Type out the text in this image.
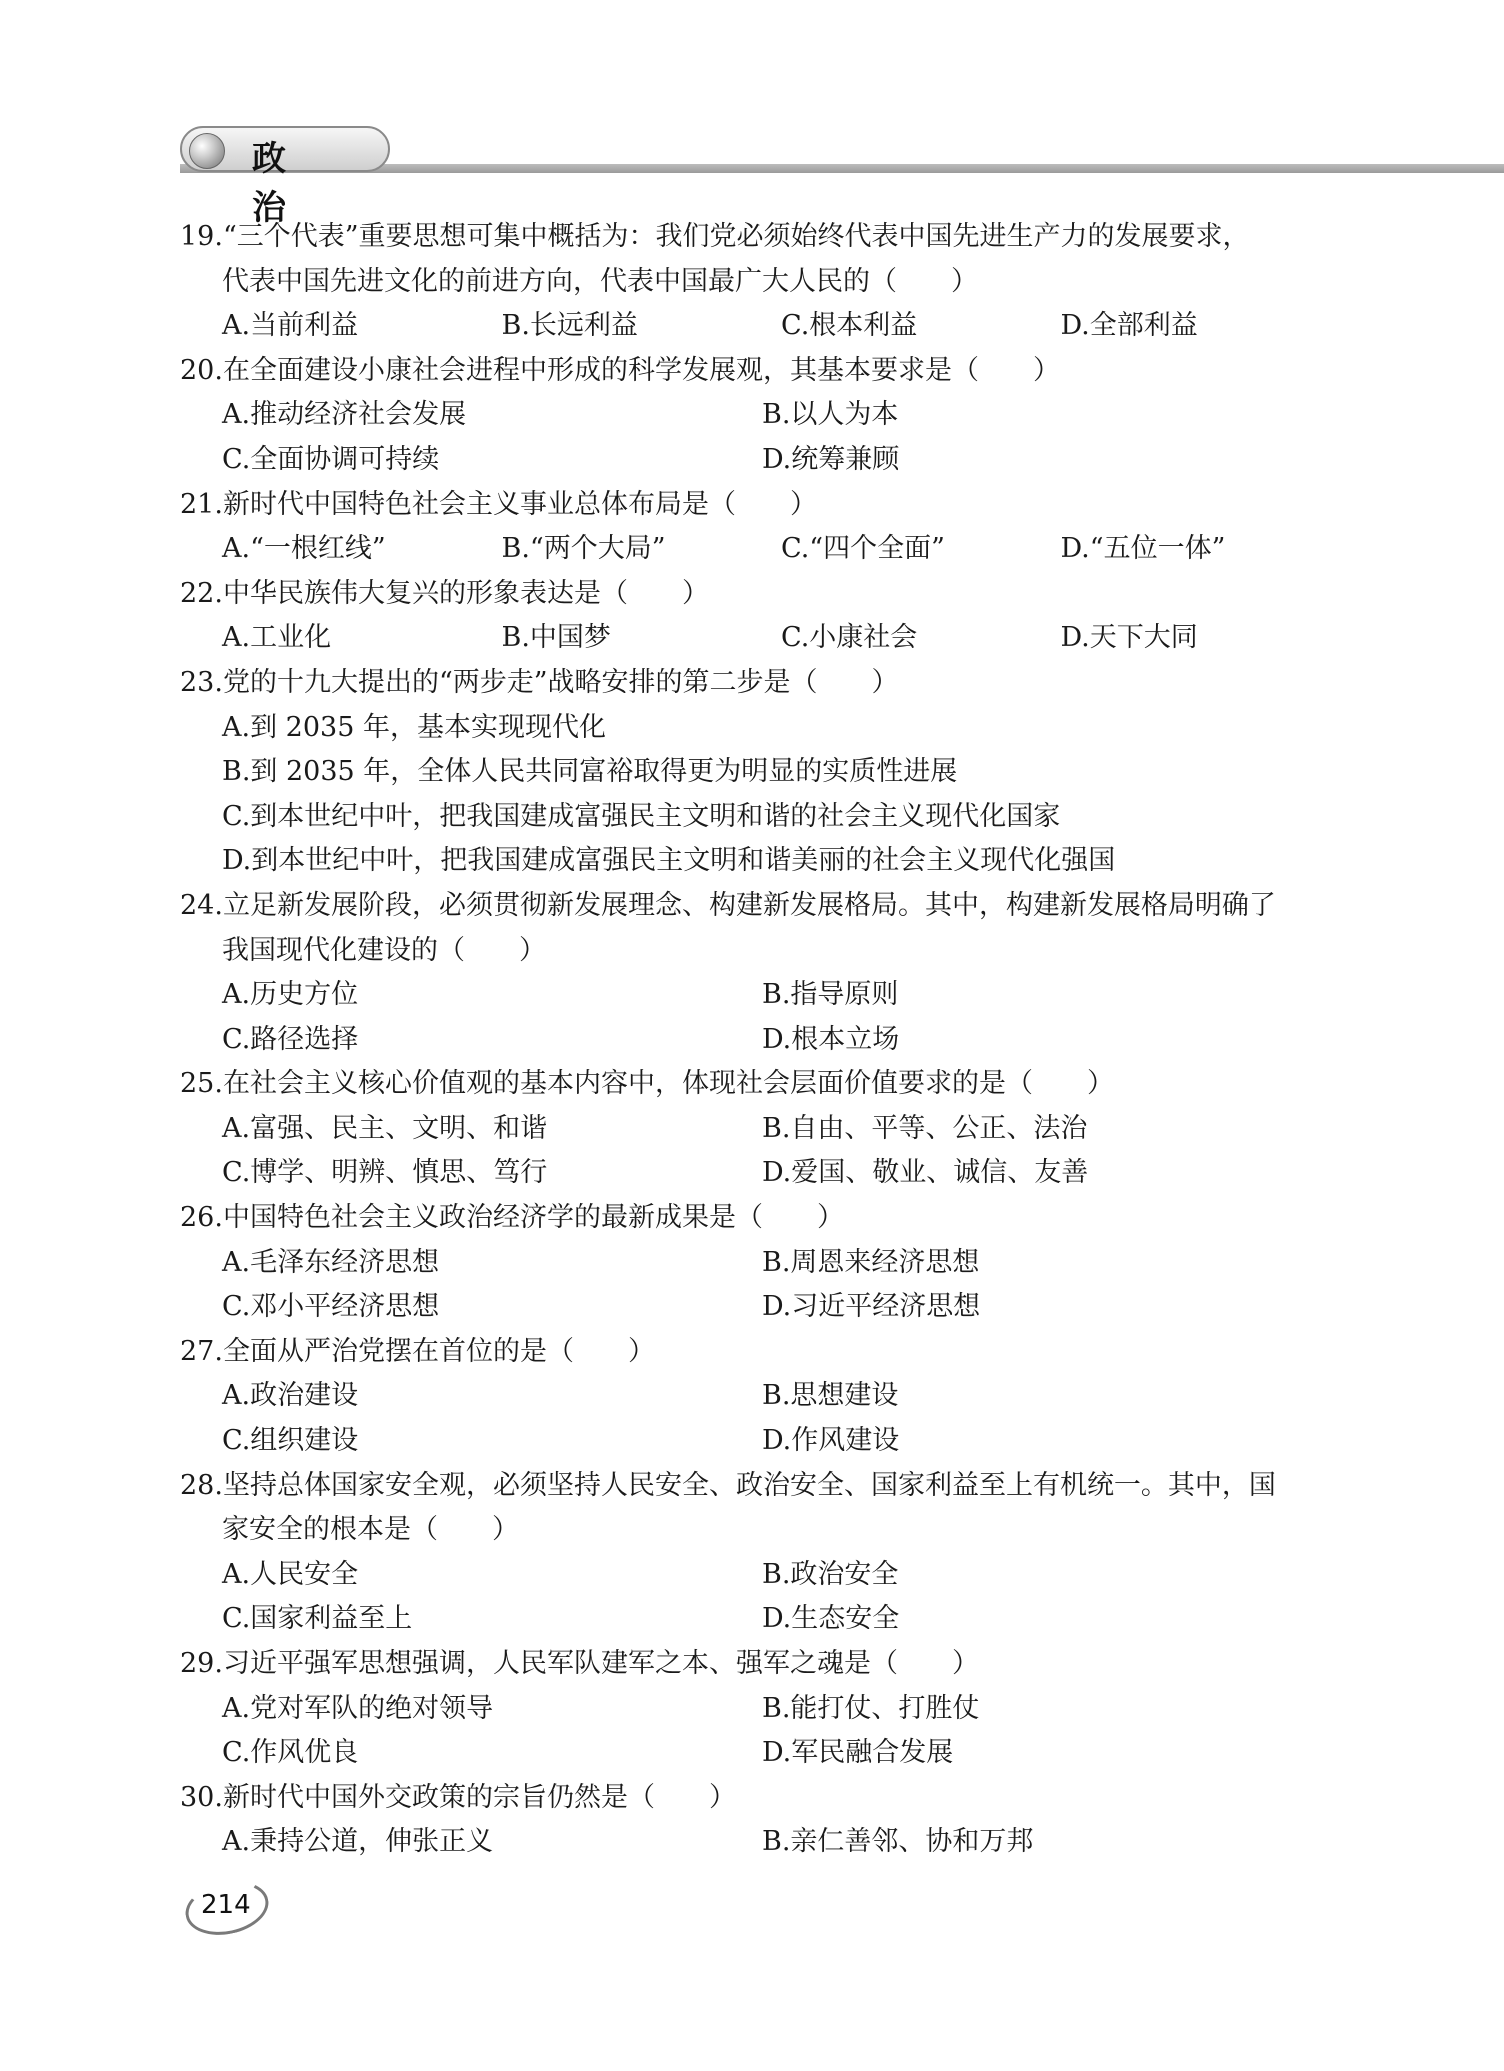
政 治
19.“三个代表”重要思想可集中概括为：我们党必须始终代表中国先进生产力的发展要求，
代表中国先进文化的前进方向，代表中国最广大人民的（　　）
A.当前利益	B.长远利益	C.根本利益	D.全部利益
20.在全面建设小康社会进程中形成的科学发展观，其基本要求是（　　）
A.推动经济社会发展	B.以人为本
C.全面协调可持续	D.统筹兼顾
21.新时代中国特色社会主义事业总体布局是（　　）
A.“一根红线”	B.“两个大局”	C.“四个全面”	D.“五位一体”
22.中华民族伟大复兴的形象表达是（　　）
A.工业化	B.中国梦	C.小康社会	D.天下大同
23.党的十九大提出的“两步走”战略安排的第二步是（　　）
A.到 2035 年，基本实现现代化
B.到 2035 年，全体人民共同富裕取得更为明显的实质性进展
C.到本世纪中叶，把我国建成富强民主文明和谐的社会主义现代化国家
D.到本世纪中叶，把我国建成富强民主文明和谐美丽的社会主义现代化强国
24.立足新发展阶段，必须贯彻新发展理念、构建新发展格局。其中，构建新发展格局明确了
我国现代化建设的（　　）
A.历史方位	B.指导原则
C.路径选择	D.根本立场
25.在社会主义核心价值观的基本内容中，体现社会层面价值要求的是（　　）
A.富强、民主、文明、和谐	B.自由、平等、公正、法治
C.博学、明辨、慎思、笃行	D.爱国、敬业、诚信、友善
26.中国特色社会主义政治经济学的最新成果是（　　）
A.毛泽东经济思想	B.周恩来经济思想
C.邓小平经济思想	D.习近平经济思想
27.全面从严治党摆在首位的是（　　）
A.政治建设	B.思想建设
C.组织建设	D.作风建设
28.坚持总体国家安全观，必须坚持人民安全、政治安全、国家利益至上有机统一。其中，国
家安全的根本是（　　）
A.人民安全	B.政治安全
C.国家利益至上	D.生态安全
29.习近平强军思想强调，人民军队建军之本、强军之魂是（　　）
A.党对军队的绝对领导	B.能打仗、打胜仗
C.作风优良	D.军民融合发展
30.新时代中国外交政策的宗旨仍然是（　　）
A.秉持公道，伸张正义	B.亲仁善邻、协和万邦
214
